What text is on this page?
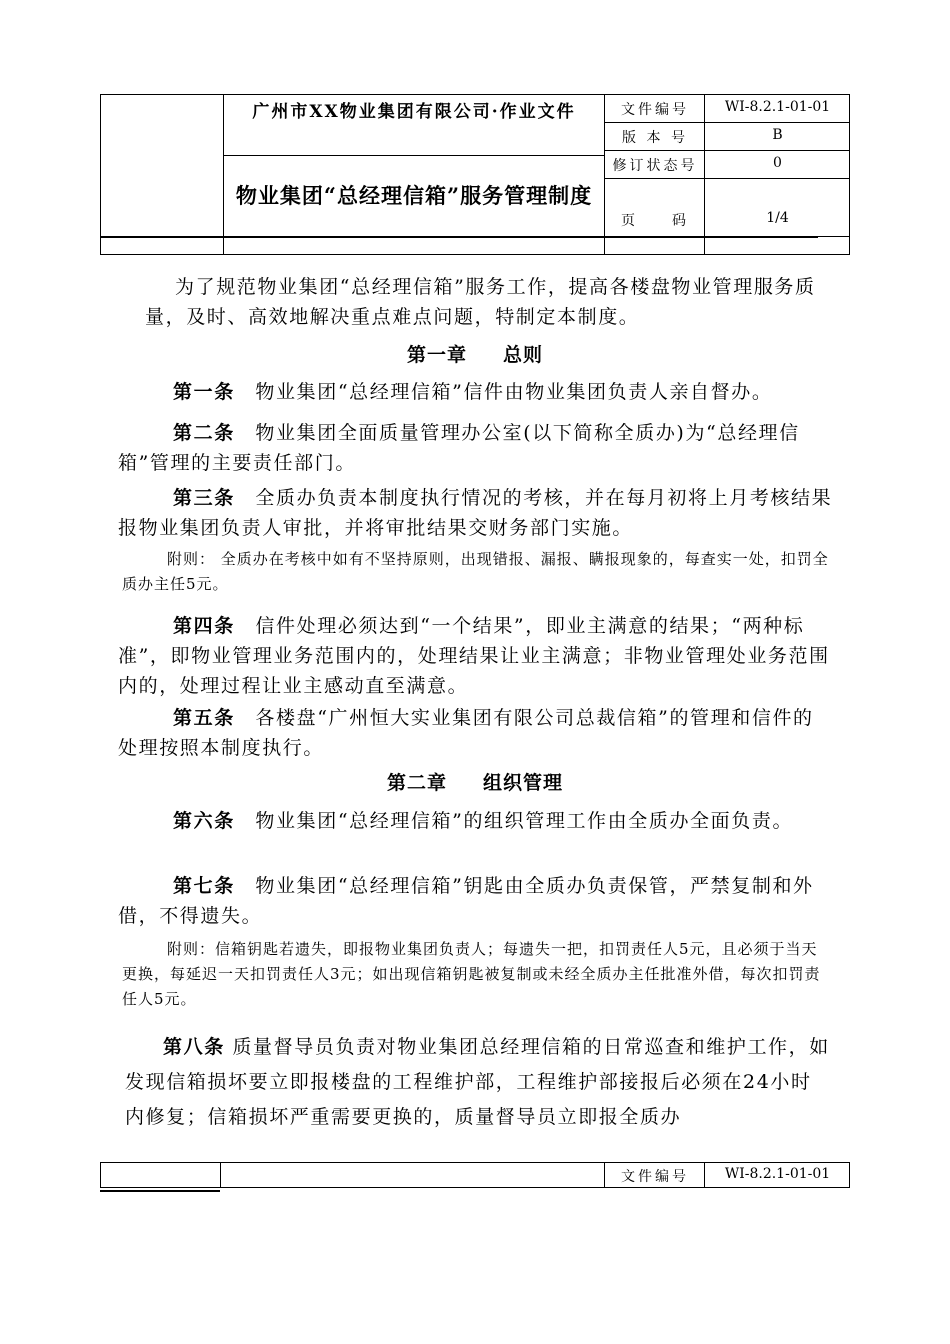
广州市XX物业集团有限公司·作业文件
物业集团“总经理信箱”服务管理制度
文件编号	WI-8.2.1-01-01
版 本 号	B
修订状态号	0
页　　码	1/4
为了规范物业集团“总经理信箱”服务工作，提高各楼盘物业管理服务质量，及时、高效地解决重点难点问题，特制定本制度。
第一章 总则
第一条　 物业集团“总经理信箱”信件由物业集团负责人亲自督办。
第二条　 物业集团全面质量管理办公室(以下简称全质办)为“总经理信箱”管理的主要责任部门。
第三条　 全质办负责本制度执行情况的考核，并在每月初将上月考核结果报物业集团负责人审批，并将审批结果交财务部门实施。
附则： 全质办在考核中如有不坚持原则，出现错报、漏报、瞒报现象的，每查实一处，扣罚全质办主任5元。
第四条　 信件处理必须达到“一个结果”，即业主满意的结果；“两种标准”，即物业管理业务范围内的，处理结果让业主满意；非物业管理处业务范围内的，处理过程让业主感动直至满意。
第五条　 各楼盘“广州恒大实业集团有限公司总裁信箱”的管理和信件的处理按照本制度执行。
第二章 组织管理
第六条　 物业集团“总经理信箱”的组织管理工作由全质办全面负责。
第七条　 物业集团“总经理信箱”钥匙由全质办负责保管，严禁复制和外借，不得遗失。
附则：信箱钥匙若遗失，即报物业集团负责人；每遗失一把，扣罚责任人5元，且必须于当天更换，每延迟一天扣罚责任人3元；如出现信箱钥匙被复制或未经全质办主任批准外借，每次扣罚责任人5元。
第八条 质量督导员负责对物业集团总经理信箱的日常巡查和维护工作，如发现信箱损坏要立即报楼盘的工程维护部，工程维护部接报后必须在24小时内修复；信箱损坏严重需要更换的，质量督导员立即报全质办
文件编号	WI-8.2.1-01-01
